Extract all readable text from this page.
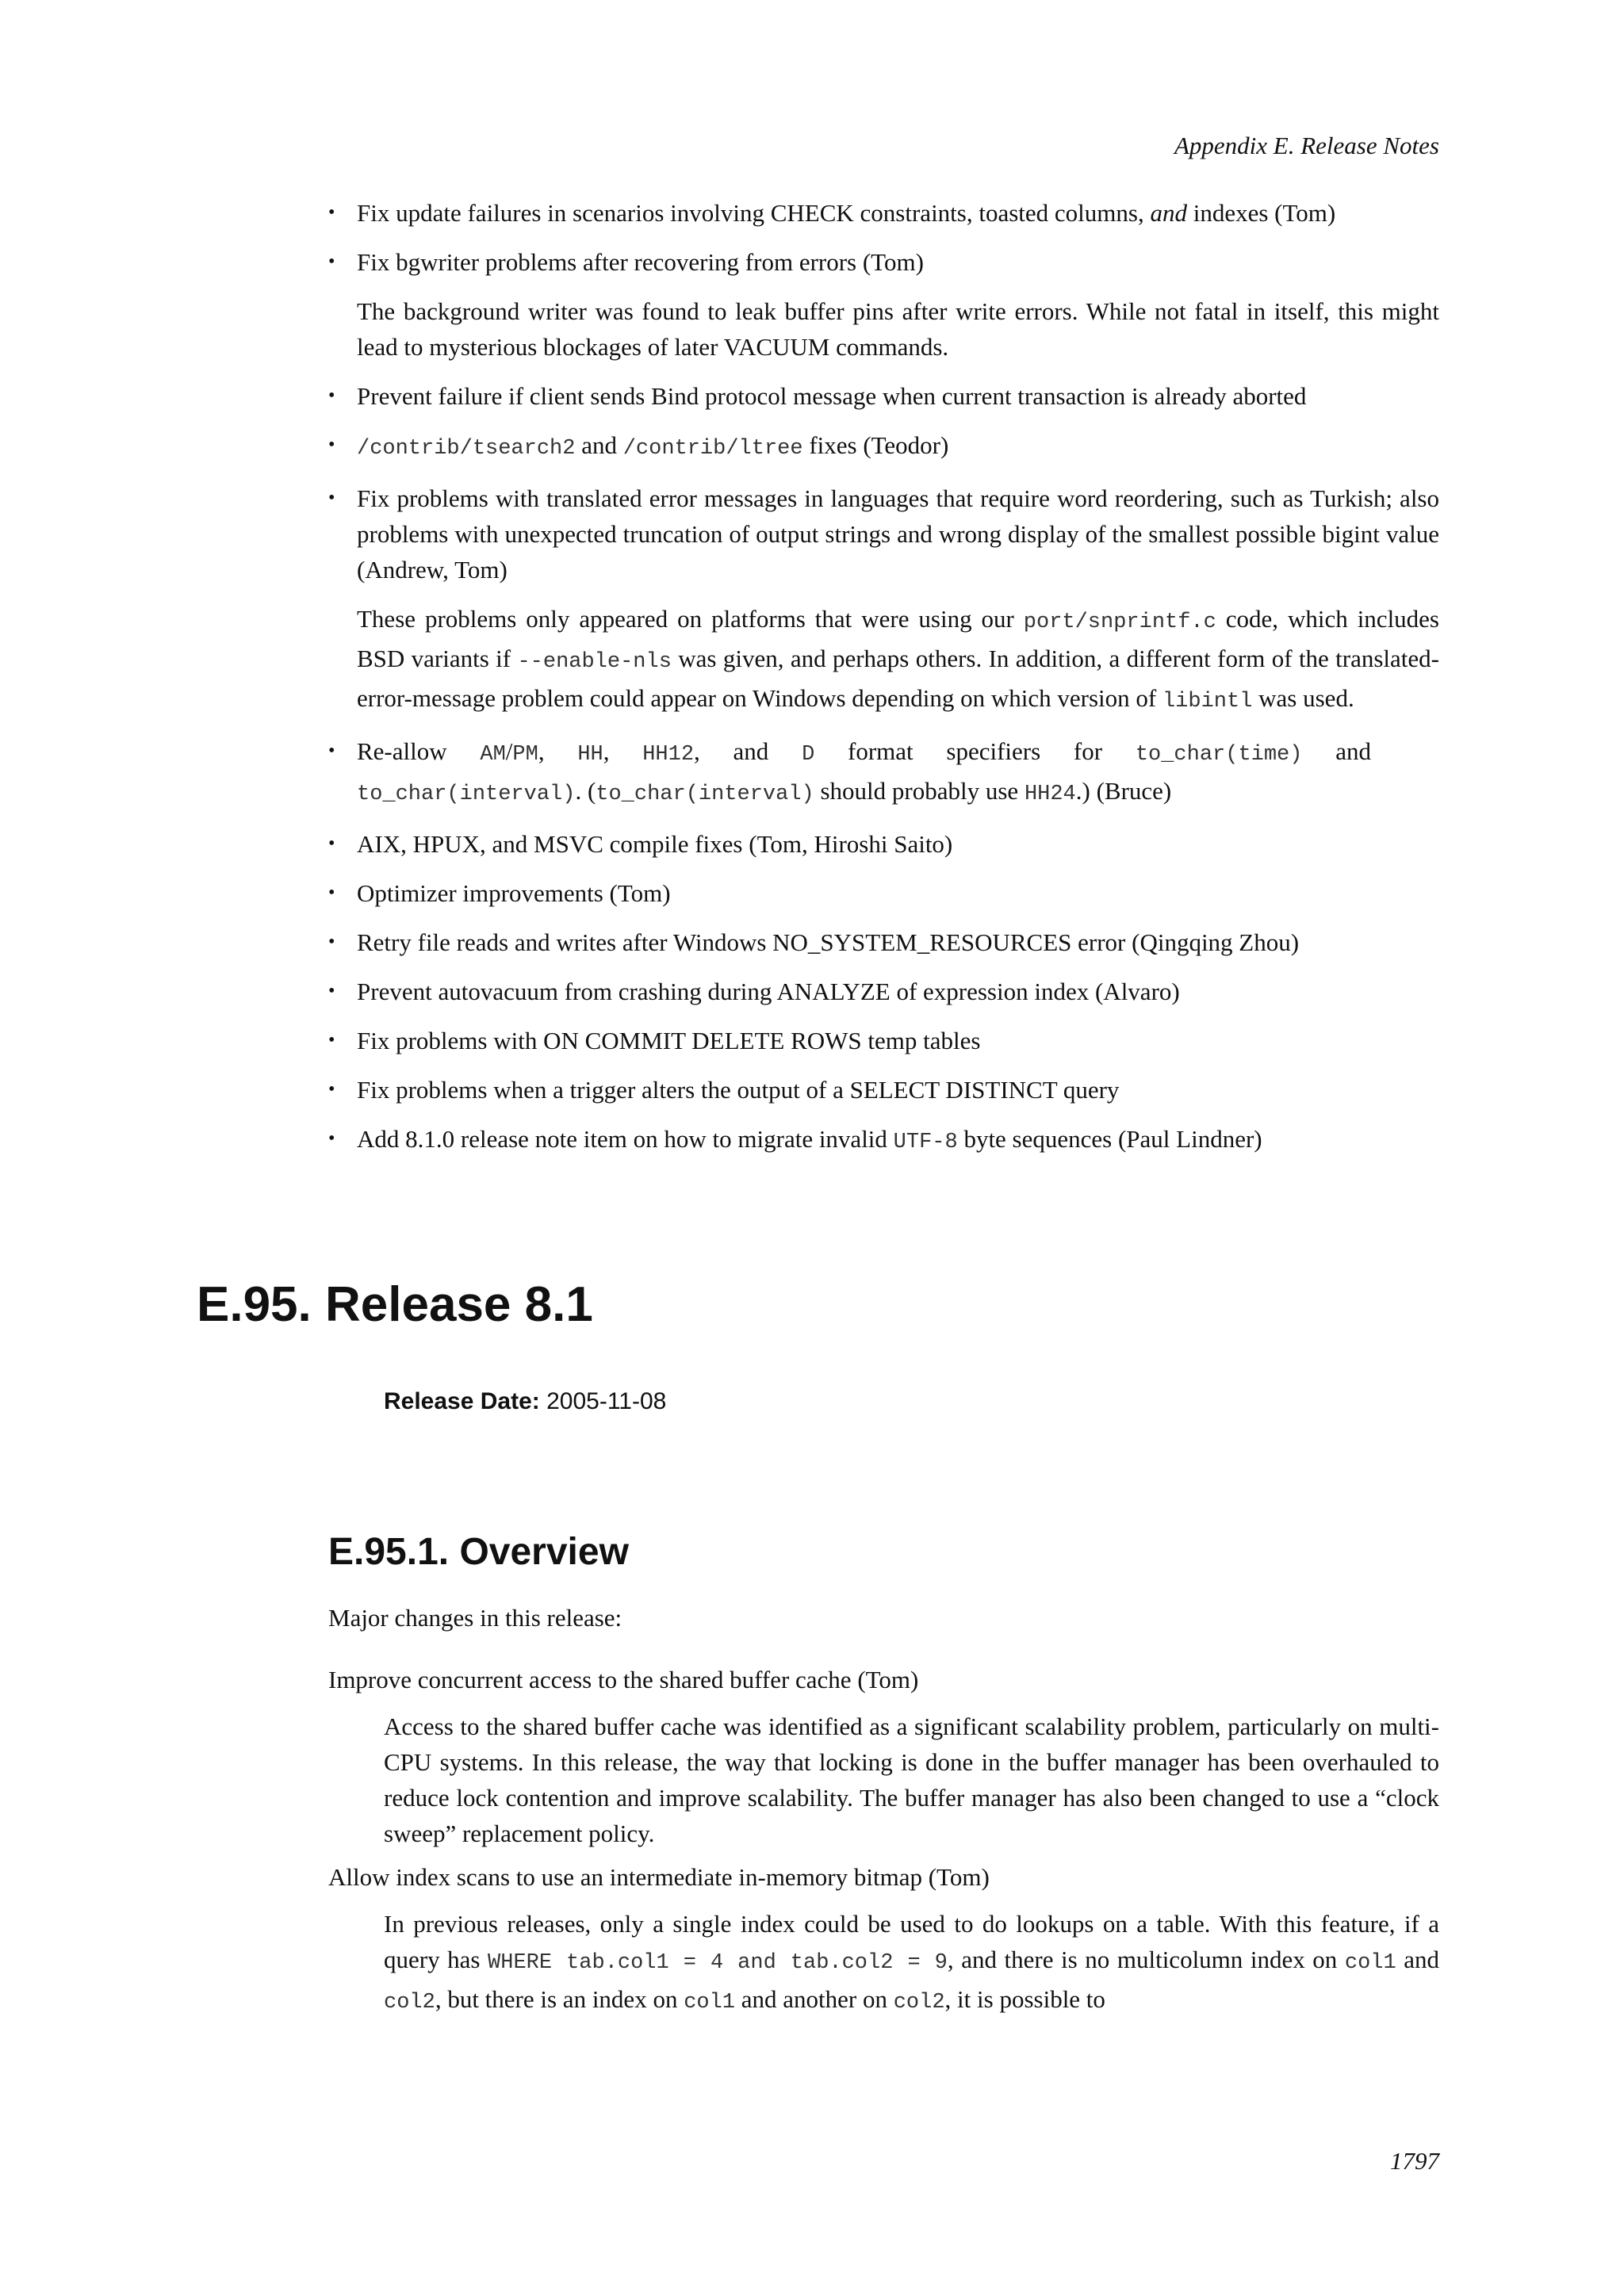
Appendix E. Release Notes
• Fix update failures in scenarios involving CHECK constraints, toasted columns, and indexes (Tom)
• Fix bgwriter problems after recovering from errors (Tom)

The background writer was found to leak buffer pins after write errors. While not fatal in itself, this might lead to mysterious blockages of later VACUUM commands.

• Prevent failure if client sends Bind protocol message when current transaction is already aborted
• /contrib/tsearch2 and /contrib/ltree fixes (Teodor)
• Fix problems with translated error messages in languages that require word reordering, such as Turkish; also problems with unexpected truncation of output strings and wrong display of the smallest possible bigint value (Andrew, Tom)

These problems only appeared on platforms that were using our port/snprintf.c code, which includes BSD variants if --enable-nls was given, and perhaps others. In addition, a different form of the translated-error-message problem could appear on Windows depending on which version of libintl was used.

• Re-allow AM/PM, HH, HH12, and D format specifiers for to_char(time) and
to_char(interval). (to_char(interval) should probably use HH24.) (Bruce)
• AIX, HPUX, and MSVC compile fixes (Tom, Hiroshi Saito)
• Optimizer improvements (Tom)
• Retry file reads and writes after Windows NO_SYSTEM_RESOURCES error (Qingqing Zhou)
• Prevent autovacuum from crashing during ANALYZE of expression index (Alvaro)
• Fix problems with ON COMMIT DELETE ROWS temp tables
• Fix problems when a trigger alters the output of a SELECT DISTINCT query
• Add 8.1.0 release note item on how to migrate invalid UTF-8 byte sequences (Paul Lindner)
E.95. Release 8.1
Release Date: 2005-11-08
E.95.1. Overview

Major changes in this release:

Improve concurrent access to the shared buffer cache (Tom)
Access to the shared buffer cache was identified as a significant scalability problem, particularly on multi-CPU systems. In this release, the way that locking is done in the buffer manager has been overhauled to reduce lock contention and improve scalability. The buffer manager has also been changed to use a “clock sweep” replacement policy.
Allow index scans to use an intermediate in-memory bitmap (Tom)
In previous releases, only a single index could be used to do lookups on a table. With this feature, if a query has WHERE tab.col1 = 4 and tab.col2 = 9, and there is no multicolumn index on col1 and col2, but there is an index on col1 and another on col2, it is possible to
1797
